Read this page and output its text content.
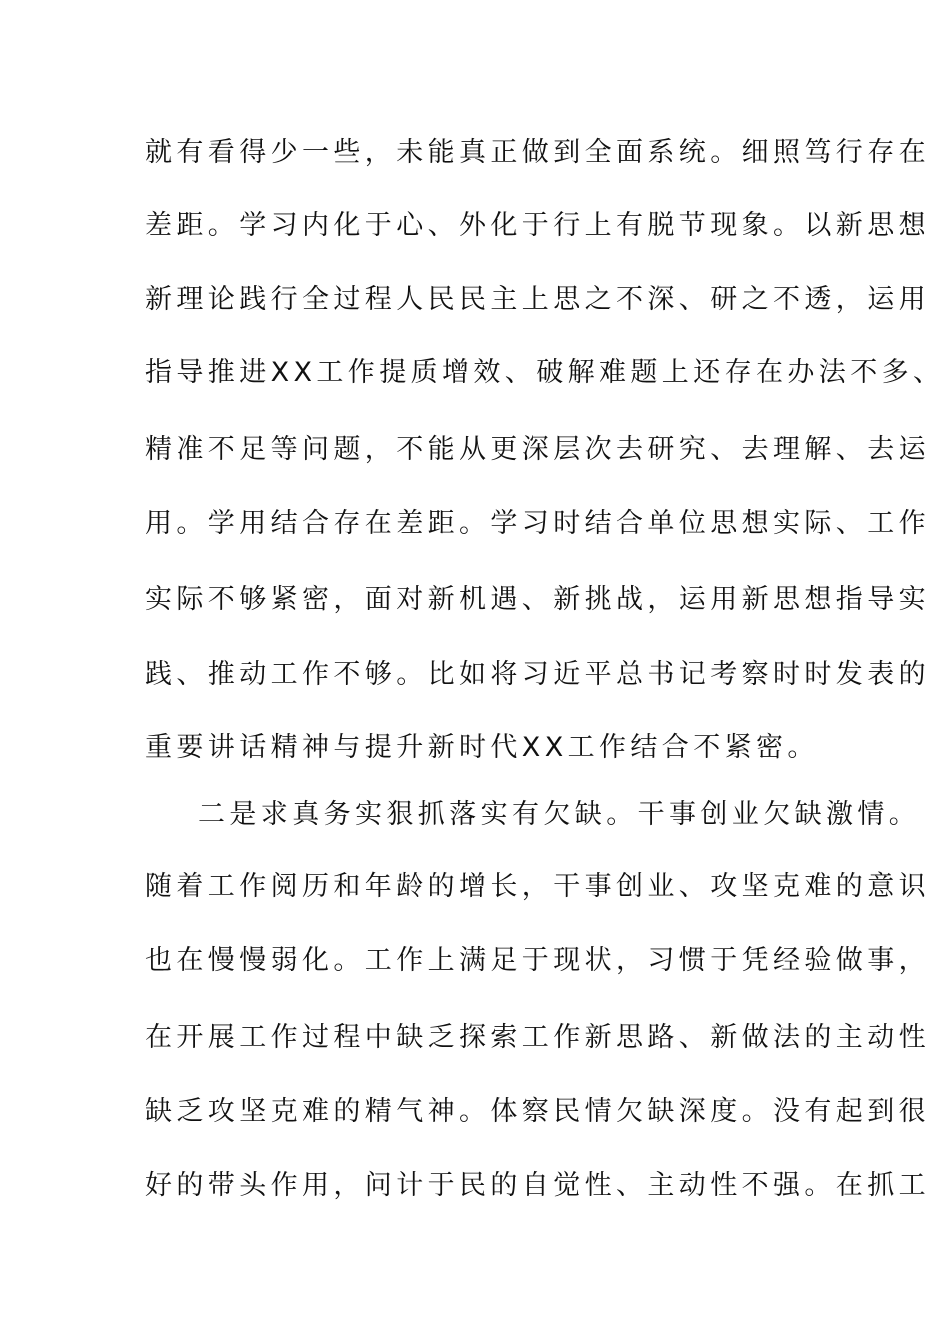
就有看得少一些，未能真正做到全面系统。细照笃行存在
差距。学习内化于心、外化于行上有脱节现象。以新思想
新理论践行全过程人民民主上思之不深、研之不透，运用
指导推进XX工作提质增效、破解难题上还存在办法不多、
精准不足等问题，不能从更深层次去研究、去理解、去运
用。学用结合存在差距。学习时结合单位思想实际、工作
实际不够紧密，面对新机遇、新挑战，运用新思想指导实
践、推动工作不够。比如将习近平总书记考察时时发表的
重要讲话精神与提升新时代XX工作结合不紧密。
二是求真务实狠抓落实有欠缺。干事创业欠缺激情。
随着工作阅历和年龄的增长，干事创业、攻坚克难的意识
也在慢慢弱化。工作上满足于现状，习惯于凭经验做事，
在开展工作过程中缺乏探索工作新思路、新做法的主动性
缺乏攻坚克难的精气神。体察民情欠缺深度。没有起到很
好的带头作用，问计于民的自觉性、主动性不强。在抓工
